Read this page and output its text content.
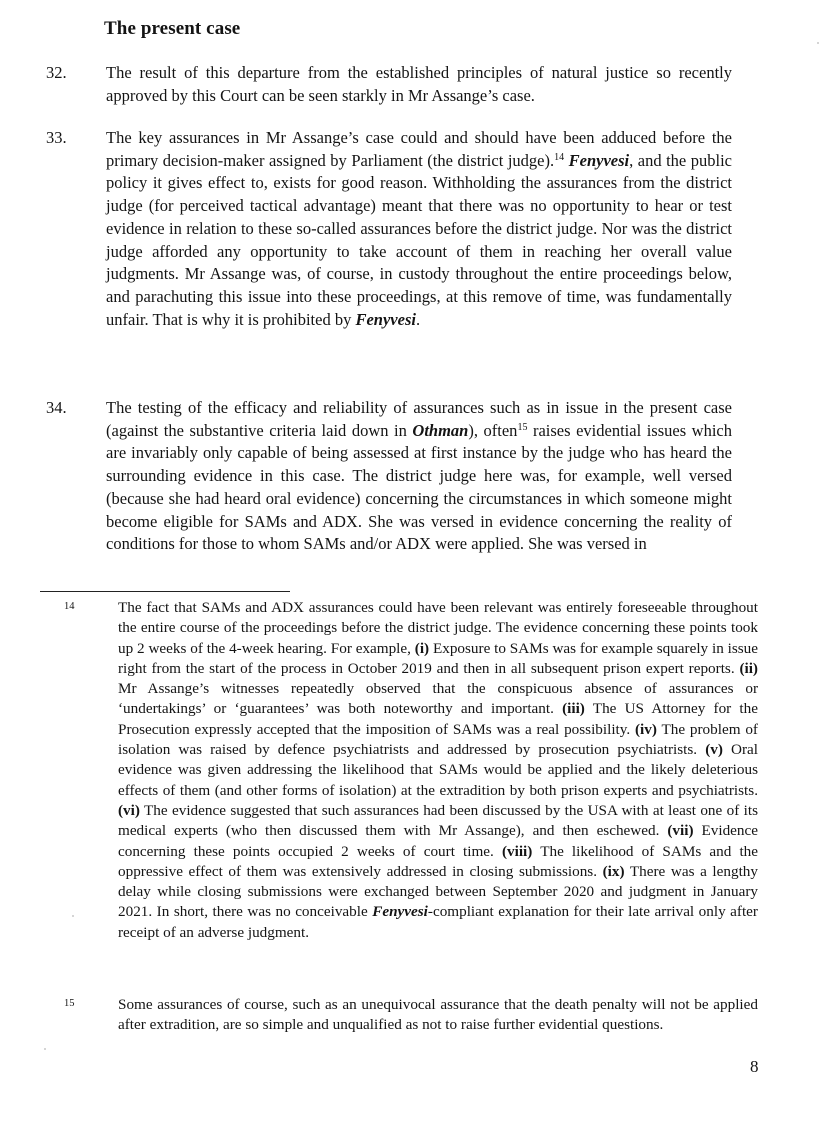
The present case
32. The result of this departure from the established principles of natural justice so recently approved by this Court can be seen starkly in Mr Assange’s case.
33. The key assurances in Mr Assange’s case could and should have been adduced before the primary decision-maker assigned by Parliament (the district judge).$^{14}$ Fenyvesi, and the public policy it gives effect to, exists for good reason. Withholding the assurances from the district judge (for perceived tactical advantage) meant that there was no opportunity to hear or test evidence in relation to these so-called assurances before the district judge. Nor was the district judge afforded any opportunity to take account of them in reaching her overall value judgments. Mr Assange was, of course, in custody throughout the entire proceedings below, and parachuting this issue into these proceedings, at this remove of time, was fundamentally unfair. That is why it is prohibited by Fenyvesi.
34. The testing of the efficacy and reliability of assurances such as in issue in the present case (against the substantive criteria laid down in Othman), often$^{15}$ raises evidential issues which are invariably only capable of being assessed at first instance by the judge who has heard the surrounding evidence in this case. The district judge here was, for example, well versed (because she had heard oral evidence) concerning the circumstances in which someone might become eligible for SAMs and ADX. She was versed in evidence concerning the reality of conditions for those to whom SAMs and/or ADX were applied. She was versed in
14	The fact that SAMs and ADX assurances could have been relevant was entirely foreseeable throughout the entire course of the proceedings before the district judge. The evidence concerning these points took up 2 weeks of the 4-week hearing. For example, (i) Exposure to SAMs was for example squarely in issue right from the start of the process in October 2019 and then in all subsequent prison expert reports. (ii) Mr Assange’s witnesses repeatedly observed that the conspicuous absence of assurances or ‘undertakings’ or ‘guarantees’ was both noteworthy and important. (iii) The US Attorney for the Prosecution expressly accepted that the imposition of SAMs was a real possibility. (iv) The problem of isolation was raised by defence psychiatrists and addressed by prosecution psychiatrists. (v) Oral evidence was given addressing the likelihood that SAMs would be applied and the likely deleterious effects of them (and other forms of isolation) at the extradition by both prison experts and psychiatrists. (vi) The evidence suggested that such assurances had been discussed by the USA with at least one of its medical experts (who then discussed them with Mr Assange), and then eschewed. (vii) Evidence concerning these points occupied 2 weeks of court time. (viii) The likelihood of SAMs and the oppressive effect of them was extensively addressed in closing submissions. (ix) There was a lengthy delay while closing submissions were exchanged between September 2020 and judgment in January 2021. In short, there was no conceivable Fenyvesi-compliant explanation for their late arrival only after receipt of an adverse judgment.
15	Some assurances of course, such as an unequivocal assurance that the death penalty will not be applied after extradition, are so simple and unqualified as not to raise further evidential questions.
8
